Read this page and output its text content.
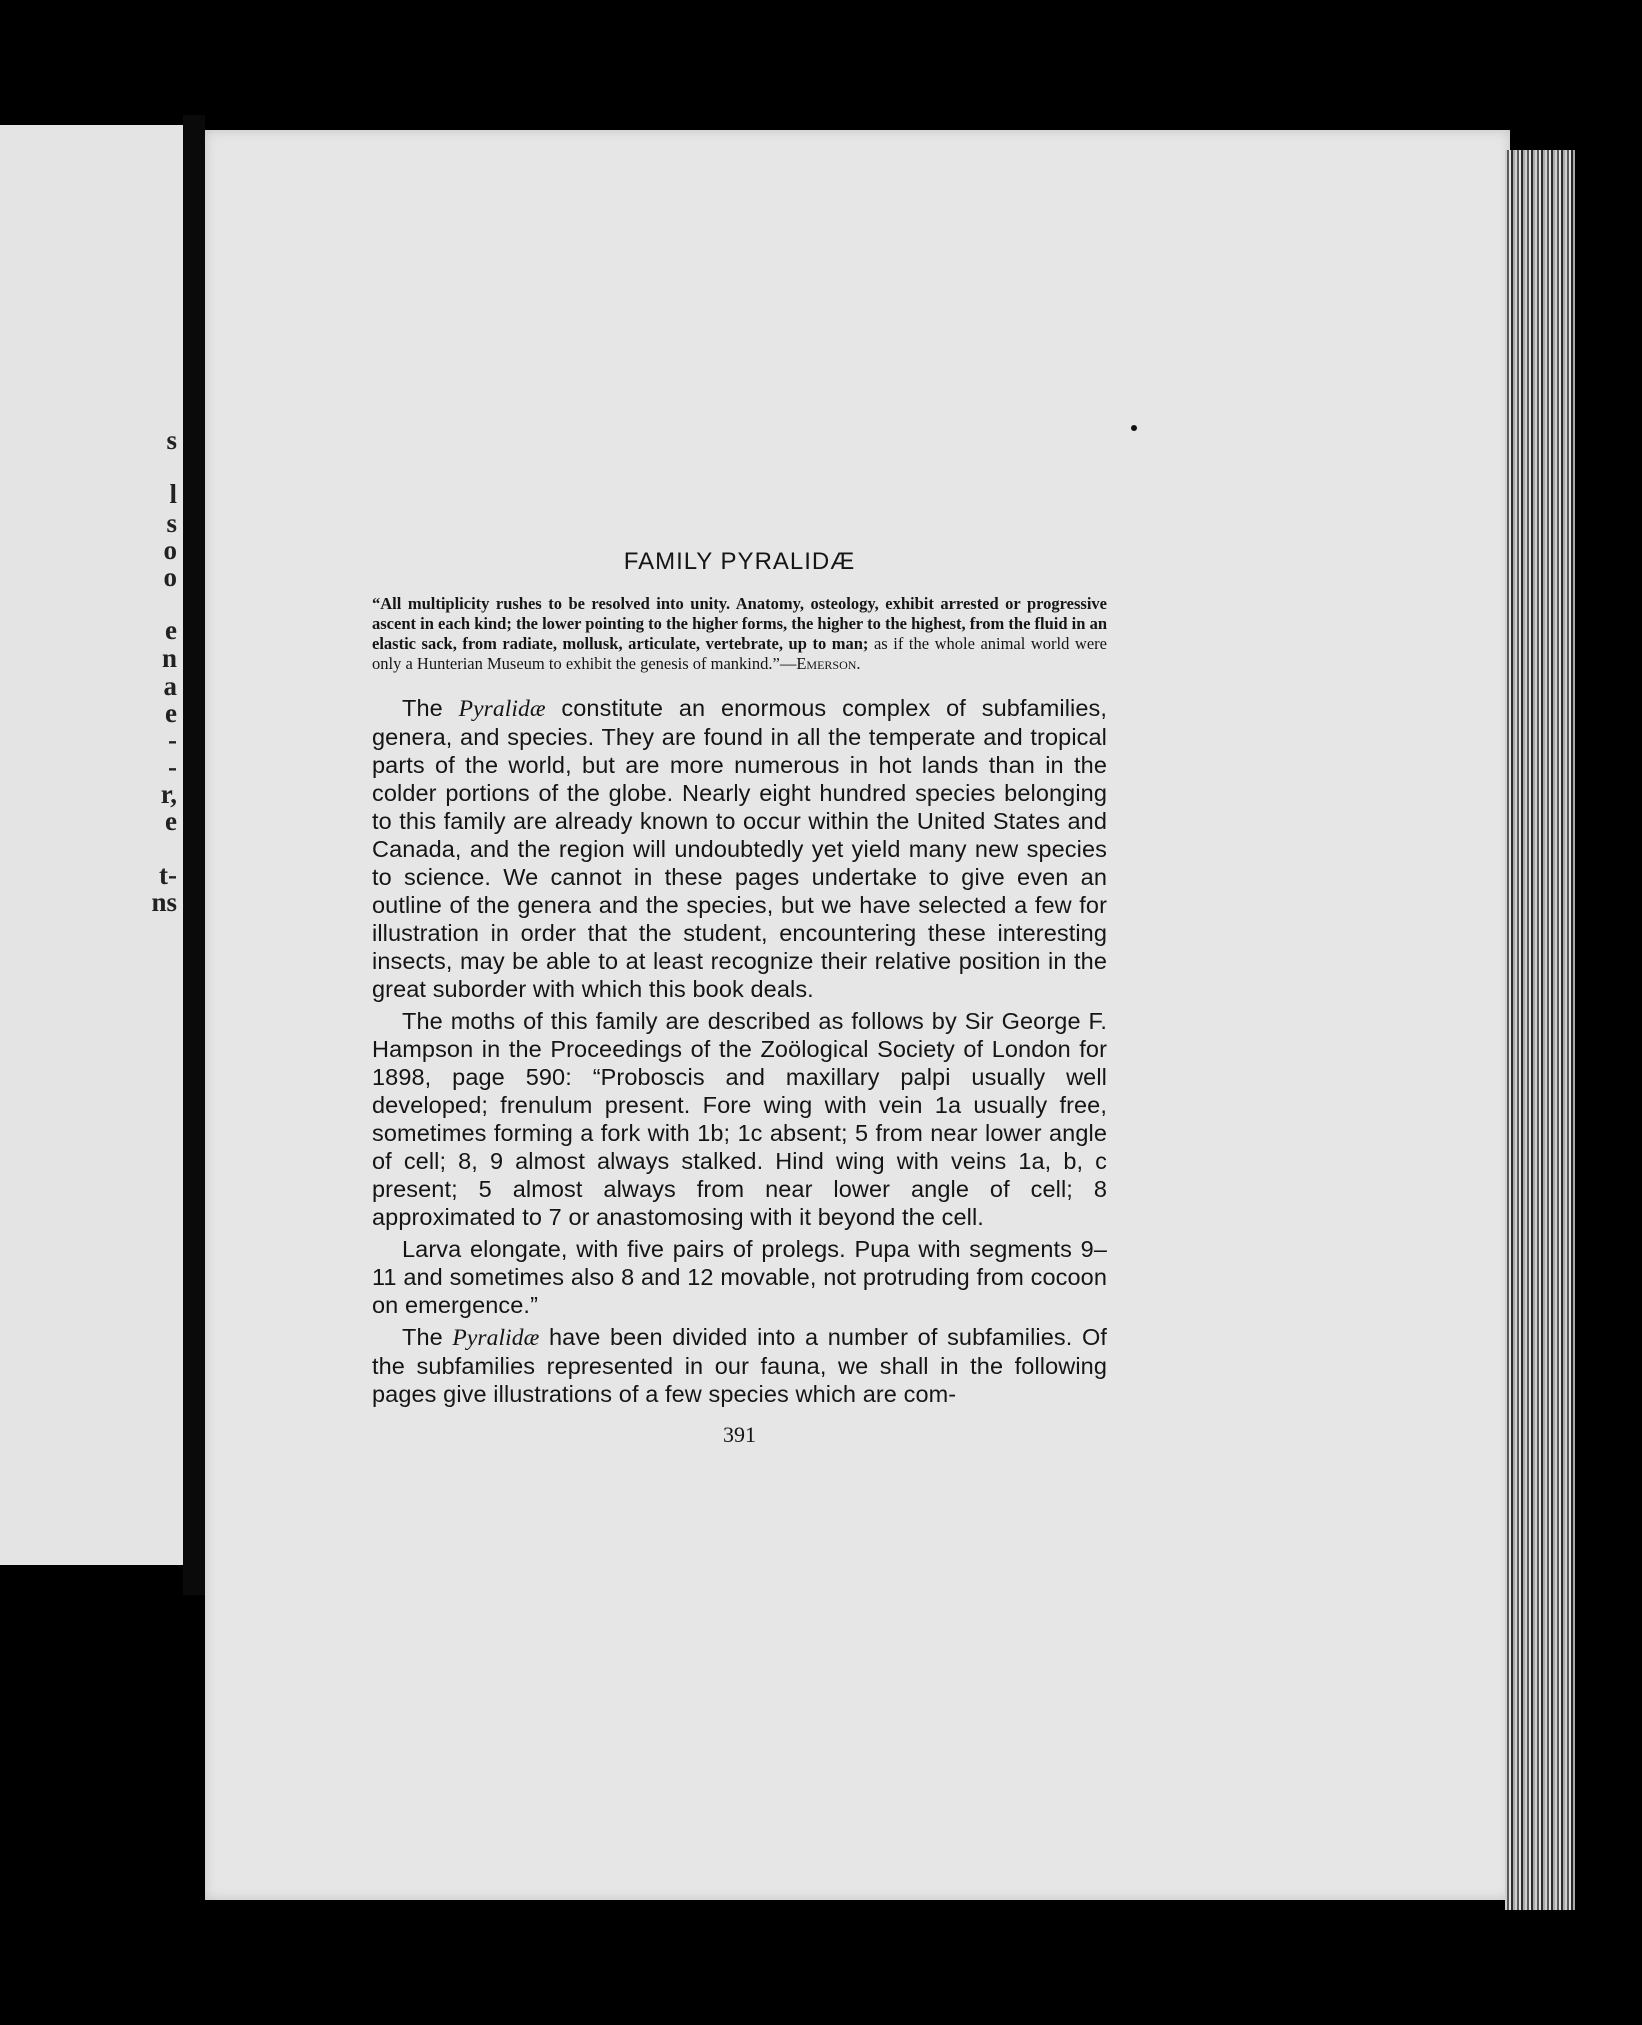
s
l
s
o
o
e
n
a
e
-
-
r,
e
t-
ns
FAMILY PYRALIDÆ

“All multiplicity rushes to be resolved into unity. Anatomy, osteology, exhibit arrested or progressive ascent in each kind; the lower pointing to the higher forms, the higher to the highest, from the fluid in an elastic sack, from radiate, mollusk, articulate, vertebrate, up to man; as if the whole animal world were only a Hunterian Museum to exhibit the genesis of mankind.”—Emerson.

The Pyralidæ constitute an enormous complex of subfamilies, genera, and species. They are found in all the temperate and tropical parts of the world, but are more numerous in hot lands than in the colder portions of the globe. Nearly eight hundred species belonging to this family are already known to occur within the United States and Canada, and the region will undoubtedly yet yield many new species to science. We cannot in these pages undertake to give even an outline of the genera and the species, but we have selected a few for illustration in order that the student, encountering these interesting insects, may be able to at least recognize their relative position in the great suborder with which this book deals.

The moths of this family are described as follows by Sir George F. Hampson in the Proceedings of the Zoölogical Society of London for 1898, page 590: “Proboscis and maxillary palpi usually well developed; frenulum present. Fore wing with vein 1a usually free, sometimes forming a fork with 1b; 1c absent; 5 from near lower angle of cell; 8, 9 almost always stalked. Hind wing with veins 1a, b, c present; 5 almost always from near lower angle of cell; 8 approximated to 7 or anastomosing with it beyond the cell.

Larva elongate, with five pairs of prolegs. Pupa with segments 9–11 and sometimes also 8 and 12 movable, not protruding from cocoon on emergence.”

The Pyralidæ have been divided into a number of subfamilies. Of the subfamilies represented in our fauna, we shall in the following pages give illustrations of a few species which are com-

391
